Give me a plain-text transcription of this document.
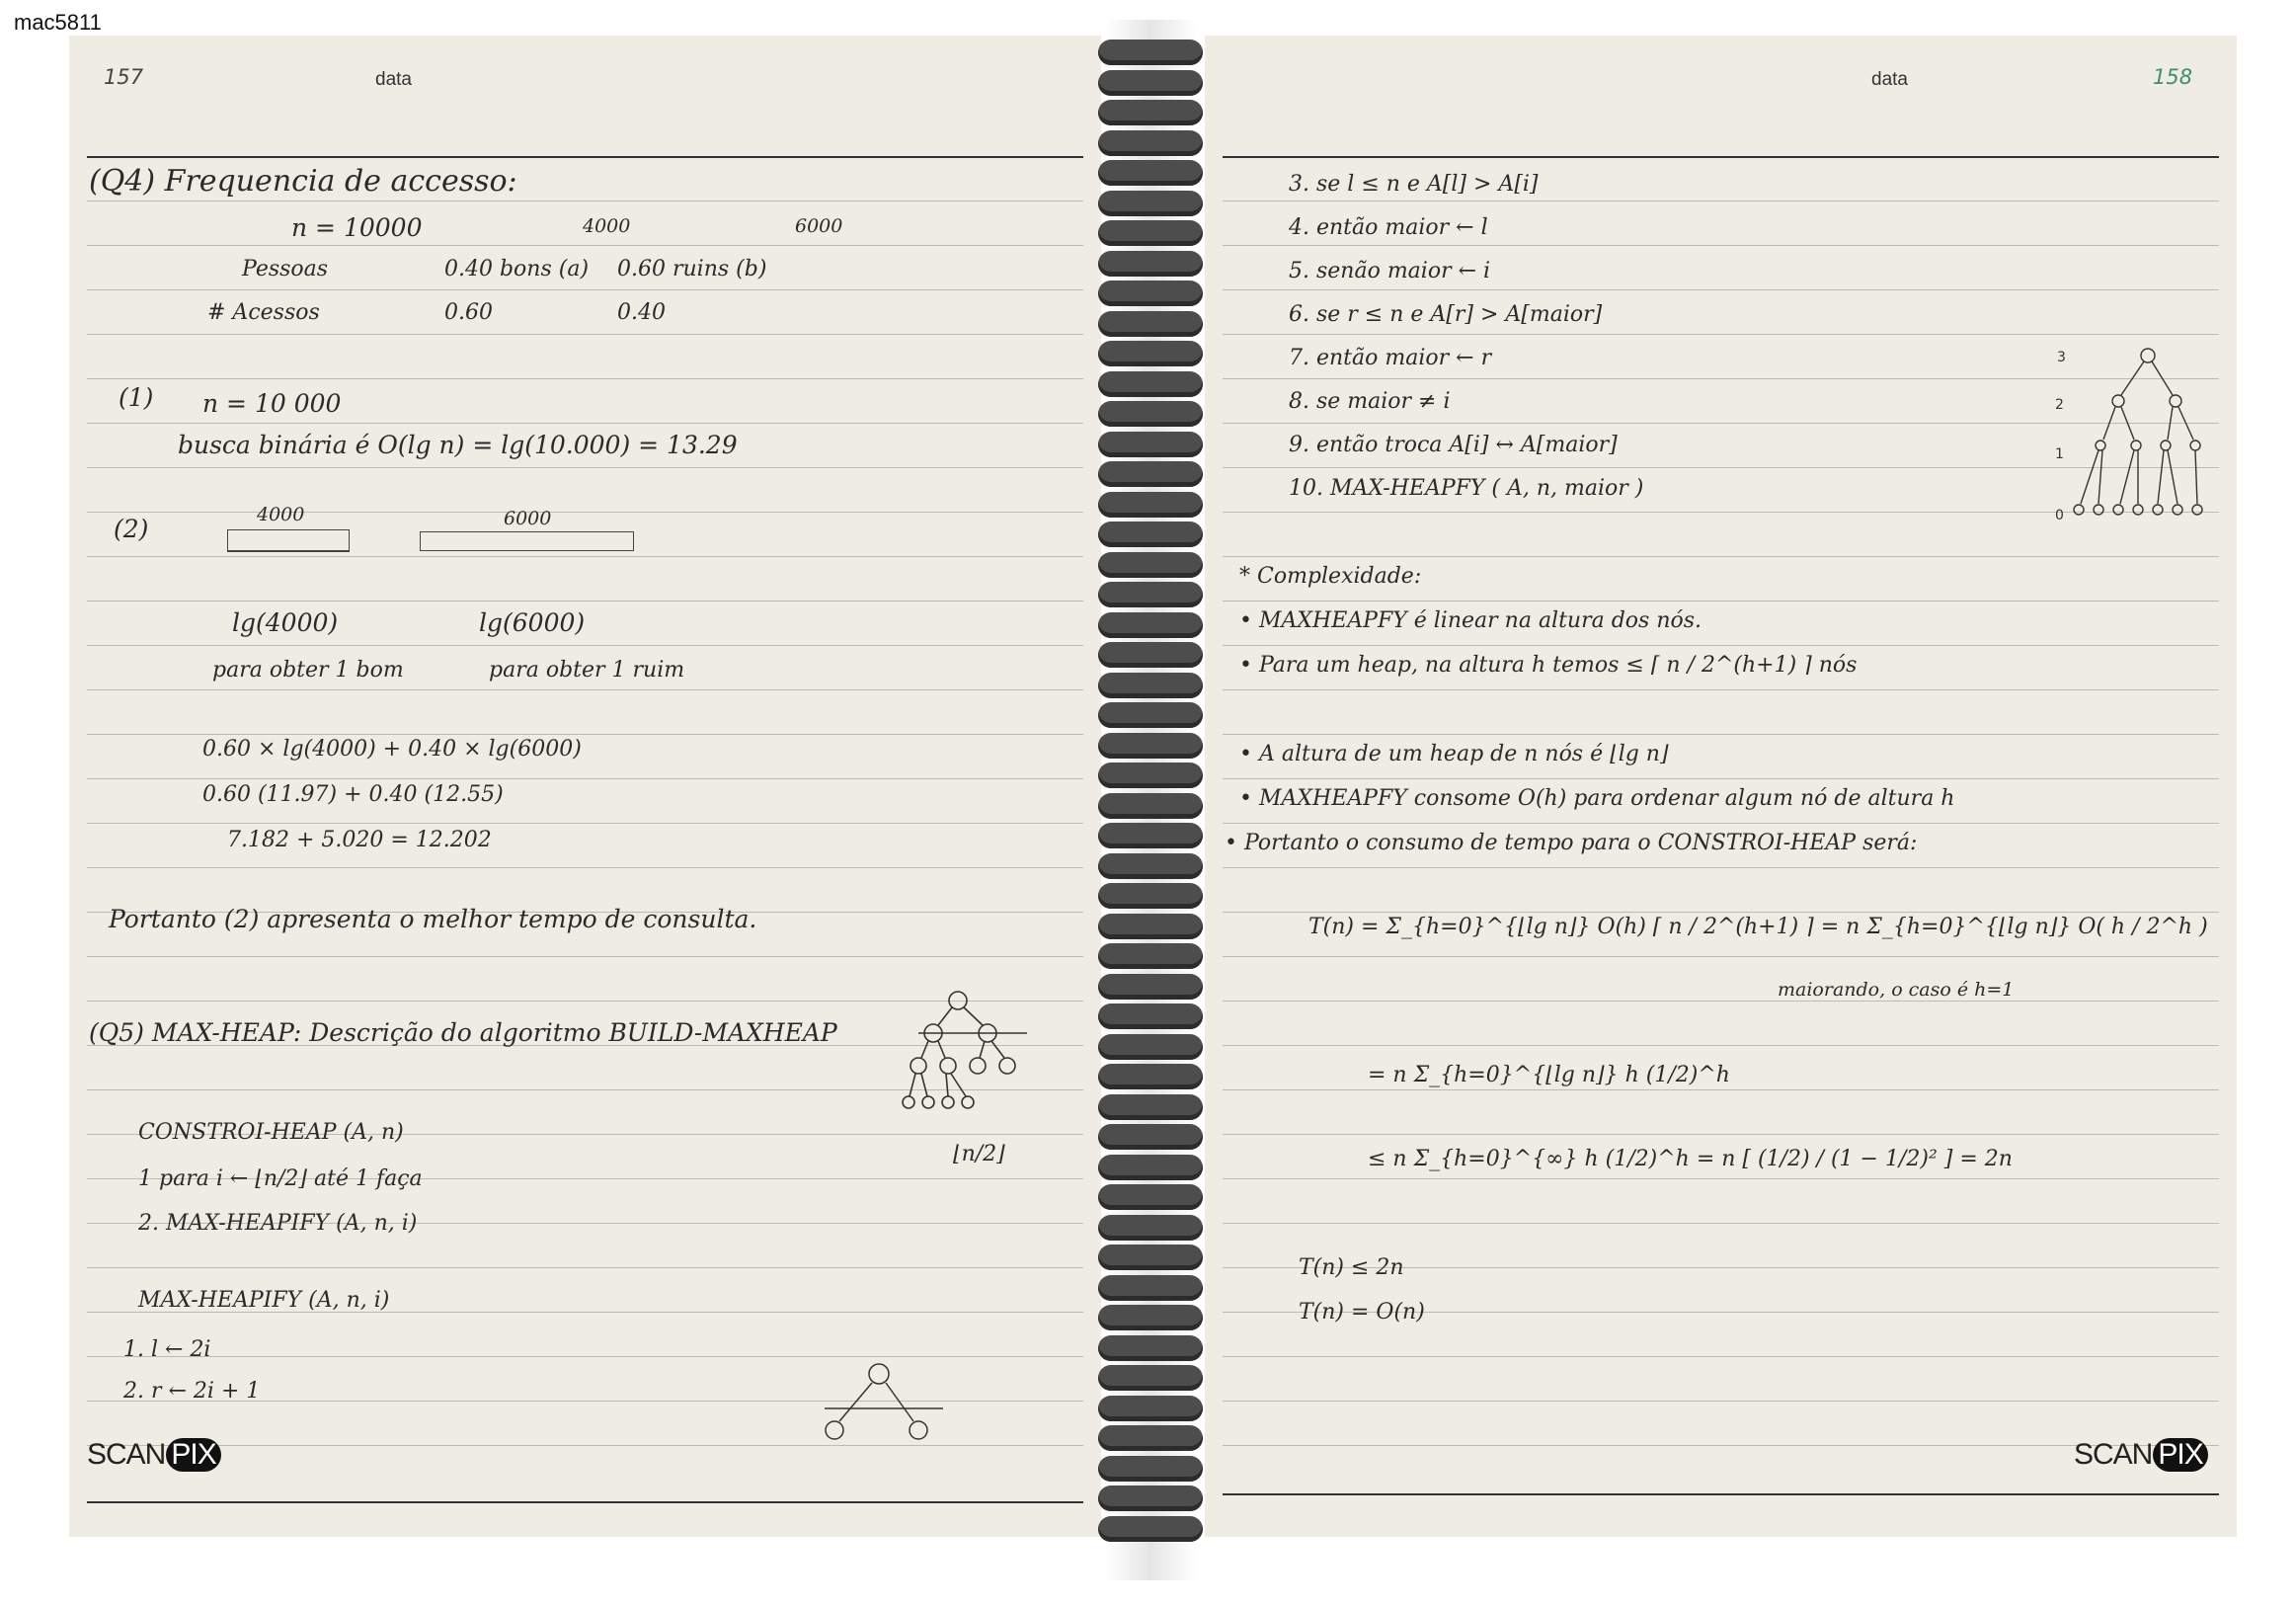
mac5811
157	data
(Q4) Frequencia de accesso:
n = 10000	4000	6000
Pessoas	0.40 bons (a) 0.60 ruins (b)
# Acessos	0.60	0.40
(1) n = 10 000
busca binária é O(lg n) = lg(10.000) = 13.29
(2)	4000	6000
lg(4000)	lg(6000)
para obter 1 bom	para obter 1 ruim
0.60 × lg(4000) + 0.40 × lg(6000)
0.60 (11.97) + 0.40 (12.55)
7.182 + 5.020 = 12.202
Portanto (2) apresenta o melhor tempo de consulta.
(Q5) MAX-HEAP: Descrição do algoritmo BUILD-MAXHEAP
CONSTROI-HEAP (A, n)
1 para i ← ⌊n/2⌋ até 1 faça
2. MAX-HEAPIFY (A, n, i)
MAX-HEAPIFY (A, n, i)
1. l ← 2i
2. r ← 2i + 1
⌊n/2⌋
SCAN PIX
data	158
3. se l ≤ n e A[l] > A[i]
4. então maior ← l
5. senão maior ← i
6. se r ≤ n e A[r] > A[maior]
7. então maior ← r
8. se maior ≠ i
9. então troca A[i] ↔ A[maior]
10. MAX-HEAPFY ( A, n, maior )
* Complexidade:
• MAXHEAPFY é linear na altura dos nós.
• Para um heap, na altura h temos ≤ ⌈ n / 2^(h+1) ⌉ nós
• A altura de um heap de n nós é ⌊lg n⌋
• MAXHEAPFY consome O(h) para ordenar algum nó de altura h
• Portanto o consumo de tempo para o CONSTROI-HEAP será:
T(n) = Σ_{h=0}^{⌊lg n⌋} O(h) ⌈ n / 2^(h+1) ⌉ = n Σ_{h=0}^{⌊lg n⌋} O( h / 2^h )
maiorando, o caso é h=1
= n Σ_{h=0}^{⌊lg n⌋} h (1/2)^h
≤ n Σ_{h=0}^{∞} h (1/2)^h = n [ (1/2) / (1 − 1/2)² ] = 2n
T(n) ≤ 2n
T(n) = O(n)
3
2
1
0
SCAN PIX
